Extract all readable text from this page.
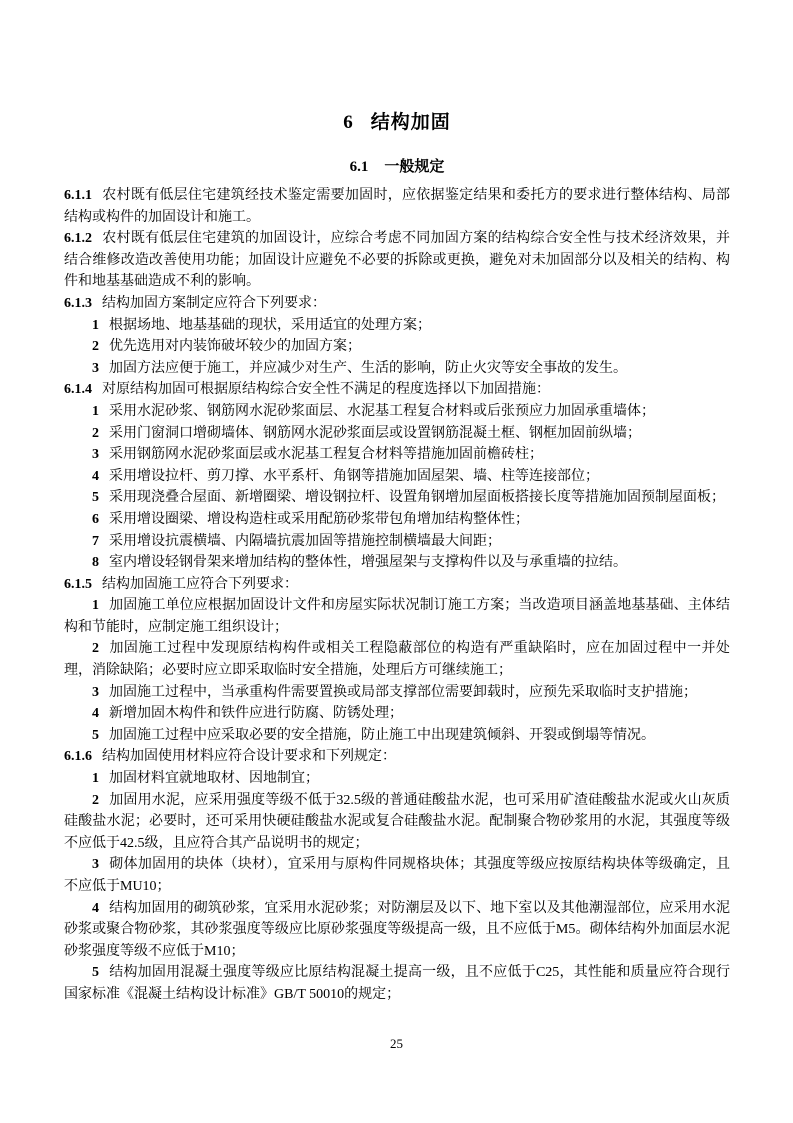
6 结构加固
6.1 一般规定

6.1.1 农村既有低层住宅建筑经技术鉴定需要加固时，应依据鉴定结果和委托方的要求进行整体结构、局部结构或构件的加固设计和施工。

6.1.2 农村既有低层住宅建筑的加固设计，应综合考虑不同加固方案的结构综合安全性与技术经济效果，并结合维修改造改善使用功能；加固设计应避免不必要的拆除或更换，避免对未加固部分以及相关的结构、构件和地基基础造成不利的影响。

6.1.3 结构加固方案制定应符合下列要求：

1 根据场地、地基基础的现状，采用适宜的处理方案；

2 优先选用对内装饰破坏较少的加固方案；

3 加固方法应便于施工，并应减少对生产、生活的影响，防止火灾等安全事故的发生。

6.1.4 对原结构加固可根据原结构综合安全性不满足的程度选择以下加固措施：

1 采用水泥砂浆、钢筋网水泥砂浆面层、水泥基工程复合材料或后张预应力加固承重墙体；

2 采用门窗洞口增砌墙体、钢筋网水泥砂浆面层或设置钢筋混凝土框、钢框加固前纵墙；

3 采用钢筋网水泥砂浆面层或水泥基工程复合材料等措施加固前檐砖柱；

4 采用增设拉杆、剪刀撑、水平系杆、角钢等措施加固屋架、墙、柱等连接部位；

5 采用现浇叠合屋面、新增圈梁、增设钢拉杆、设置角钢增加屋面板搭接长度等措施加固预制屋面板；

6 采用增设圈梁、增设构造柱或采用配筋砂浆带包角增加结构整体性；

7 采用增设抗震横墙、内隔墙抗震加固等措施控制横墙最大间距；

8 室内增设轻钢骨架来增加结构的整体性，增强屋架与支撑构件以及与承重墙的拉结。

6.1.5 结构加固施工应符合下列要求：

1 加固施工单位应根据加固设计文件和房屋实际状况制订施工方案；当改造项目涵盖地基基础、主体结构和节能时，应制定施工组织设计；

2 加固施工过程中发现原结构构件或相关工程隐蔽部位的构造有严重缺陷时，应在加固过程中一并处理，消除缺陷；必要时应立即采取临时安全措施，处理后方可继续施工；

3 加固施工过程中，当承重构件需要置换或局部支撑部位需要卸载时，应预先采取临时支护措施；

4 新增加固木构件和铁件应进行防腐、防锈处理；

5 加固施工过程中应采取必要的安全措施，防止施工中出现建筑倾斜、开裂或倒塌等情况。

6.1.6 结构加固使用材料应符合设计要求和下列规定：

1 加固材料宜就地取材、因地制宜；

2 加固用水泥，应采用强度等级不低于32.5级的普通硅酸盐水泥，也可采用矿渣硅酸盐水泥或火山灰质硅酸盐水泥；必要时，还可采用快硬硅酸盐水泥或复合硅酸盐水泥。配制聚合物砂浆用的水泥，其强度等级不应低于42.5级，且应符合其产品说明书的规定；

3 砌体加固用的块体（块材），宜采用与原构件同规格块体；其强度等级应按原结构块体等级确定，且不应低于MU10；

4 结构加固用的砌筑砂浆，宜采用水泥砂浆；对防潮层及以下、地下室以及其他潮湿部位，应采用水泥砂浆或聚合物砂浆，其砂浆强度等级应比原砂浆强度等级提高一级，且不应低于M5。砌体结构外加面层水泥砂浆强度等级不应低于M10；

5 结构加固用混凝土强度等级应比原结构混凝土提高一级，且不应低于C25，其性能和质量应符合现行国家标准《混凝土结构设计标准》GB/T 50010的规定；

25
